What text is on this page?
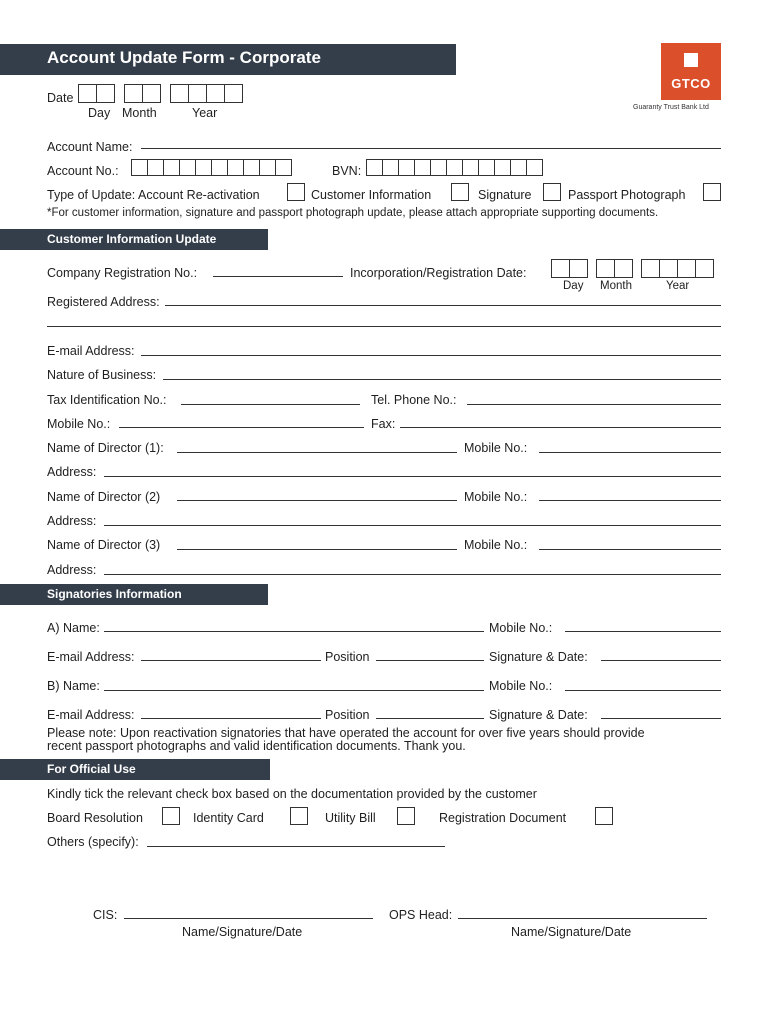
Account Update Form - Corporate
GTCO
Guaranty Trust Bank Ltd
Date
Day Month	Year
Account Name:
Account No.:	BVN:
Type of Update: Account Re-activation	Customer Information	Signature	Passport Photograph
*For customer information, signature and passport photograph update, please attach appropriate supporting documents.
Customer Information Update
Company Registration No.:	Incorporation/Registration Date:
Day Month	Year
Registered Address:
E-mail Address:
Nature of Business:
Tax Identification No.:	Tel. Phone No.:
Mobile No.:	Fax:
Name of Director (1):	Mobile No.:
Address:
Name of Director (2)	Mobile No.:
Address:
Name of Director (3)	Mobile No.:
Address:
Signatories Information
A) Name:	Mobile No.:
E-mail Address:	Position	Signature & Date:
B) Name:	Mobile No.:
E-mail Address:	Position	Signature & Date:
Please note: Upon reactivation signatories that have operated the account for over five years should provide
recent passport photographs and valid identification documents. Thank you.
For Official Use
Kindly tick the relevant check box based on the documentation provided by the customer
Board Resolution	Identity Card	Utility Bill	Registration Document
Others (specify):
CIS:
Name/Signature/Date
OPS Head:
Name/Signature/Date
